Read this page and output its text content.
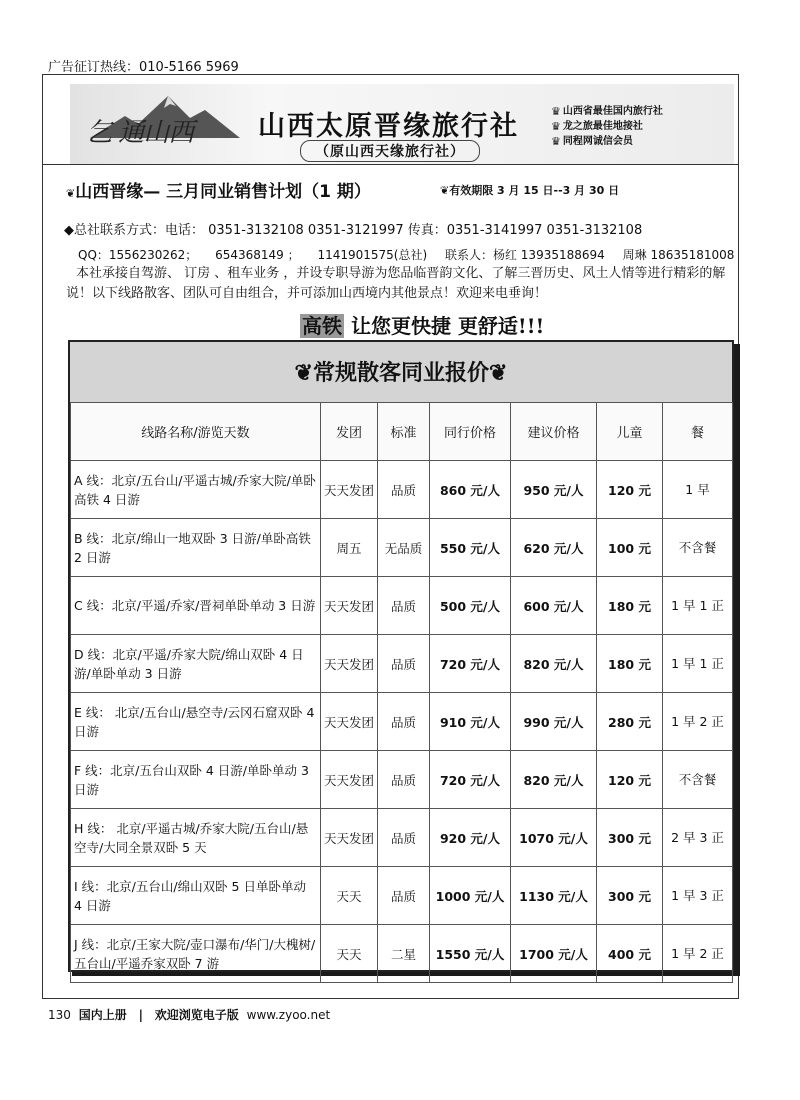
广告征订热线：010-5166 5969
乞 通山西 山西太原晋缘旅行社
（原山西天缘旅行社）
♛ 山西省最佳国内旅行社
♛ 龙之旅最佳地接社
♛ 同程网诚信会员
❦山西晋缘— 三月同业销售计划（1 期）	❦有效期限 3 月 15 日--3 月 30 日
◆总社联系方式：电话： 0351-3132108 0351-3121997 传真：0351-3141997 0351-3132108
QQ：1556230262； 654368149 ； 1141901575(总社) 联系人：杨红 13935188694 周琳 18635181008
本社承接自驾游、 订房 、租车业务 ，并设专职导游为您品临晋韵文化、了解三晋历史、风土人情等进行精彩的解说！以下线路散客、团队可自由组合，并可添加山西境内其他景点！欢迎来电垂询！
高铁 让您更快捷 更舒适!!!
❦常规散客同业报价❦
线路名称/游览天数	发团	标准	同行价格	建议价格	儿童	餐
A 线：北京/五台山/平遥古城/乔家大院/单卧高铁 4 日游	天天发团	品质	860 元/人	950 元/人	120 元	1 早
B 线：北京/绵山一地双卧 3 日游/单卧高铁 2 日游	周五	无品质	550 元/人	620 元/人	100 元	不含餐
C 线：北京/平遥/乔家/晋祠单卧单动 3 日游	天天发团	品质	500 元/人	600 元/人	180 元	1 早 1 正
D 线：北京/平遥/乔家大院/绵山双卧 4 日游/单卧单动 3 日游	天天发团	品质	720 元/人	820 元/人	180 元	1 早 1 正
E 线： 北京/五台山/悬空寺/云冈石窟双卧 4 日游	天天发团	品质	910 元/人	990 元/人	280 元	1 早 2 正
F 线：北京/五台山双卧 4 日游/单卧单动 3 日游	天天发团	品质	720 元/人	820 元/人	120 元	不含餐
H 线： 北京/平遥古城/乔家大院/五台山/悬空寺/大同全景双卧 5 天	天天发团	品质	920 元/人	1070 元/人	300 元	2 早 3 正
I 线：北京/五台山/绵山双卧 5 日单卧单动 4 日游	天天	品质	1000 元/人	1130 元/人	300 元	1 早 3 正
J 线：北京/王家大院/壶口瀑布/华门/大槐树/五台山/平遥乔家双卧 7 游	天天	二星	1550 元/人	1700 元/人	400 元	1 早 2 正
130 国内上册 | 欢迎浏览电子版 www.zyoo.net
